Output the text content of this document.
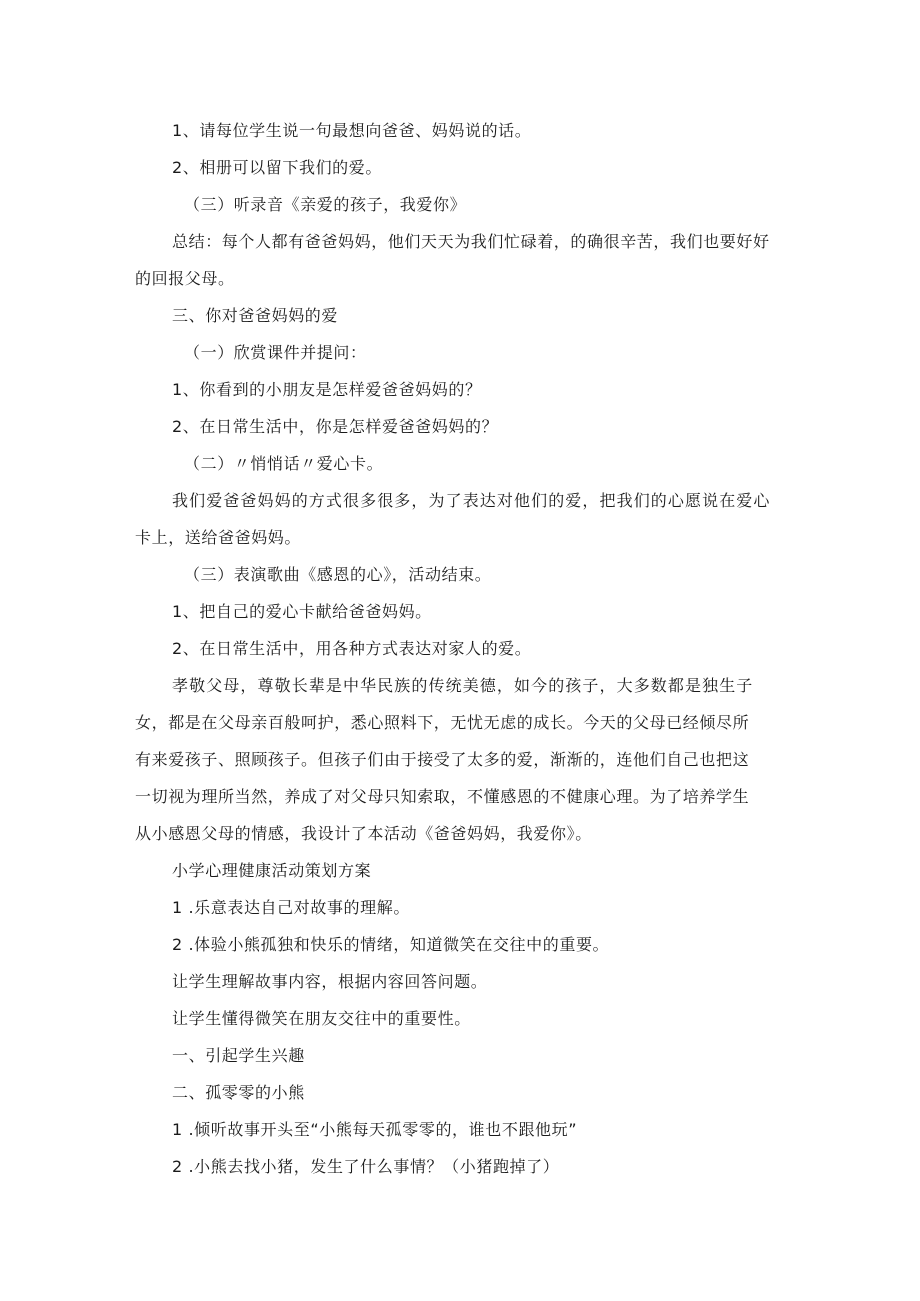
1、请每位学生说一句最想向爸爸、妈妈说的话。

2、相册可以留下我们的爱。

（三）听录音《亲爱的孩子，我爱你》

总结：每个人都有爸爸妈妈，他们天天为我们忙碌着，的确很辛苦，我们也要好好

的回报父母。

三、你对爸爸妈妈的爱

（一）欣赏课件并提问：

1、你看到的小朋友是怎样爱爸爸妈妈的？

2、在日常生活中，你是怎样爱爸爸妈妈的？

（二）〃悄悄话〃爱心卡。

我们爱爸爸妈妈的方式很多很多，为了表达对他们的爱，把我们的心愿说在爱心

卡上，送给爸爸妈妈。

（三）表演歌曲《感恩的心》，活动结束。

1、把自己的爱心卡献给爸爸妈妈。

2、在日常生活中，用各种方式表达对家人的爱。

孝敬父母，尊敬长辈是中华民族的传统美德，如今的孩子，大多数都是独生子

女，都是在父母亲百般呵护，悉心照料下，无忧无虑的成长。今天的父母已经倾尽所

有来爱孩子、照顾孩子。但孩子们由于接受了太多的爱，渐渐的，连他们自己也把这

一切视为理所当然，养成了对父母只知索取，不懂感恩的不健康心理。为了培养学生

从小感恩父母的情感，我设计了本活动《爸爸妈妈，我爱你》。

小学心理健康活动策划方案

1 .乐意表达自己对故事的理解。

2 .体验小熊孤独和快乐的情绪，知道微笑在交往中的重要。

让学生理解故事内容，根据内容回答问题。

让学生懂得微笑在朋友交往中的重要性。

一、引起学生兴趣

二、孤零零的小熊

1 .倾听故事开头至“小熊每天孤零零的，谁也不跟他玩”

2 .小熊去找小猪，发生了什么事情？（小猪跑掉了）
